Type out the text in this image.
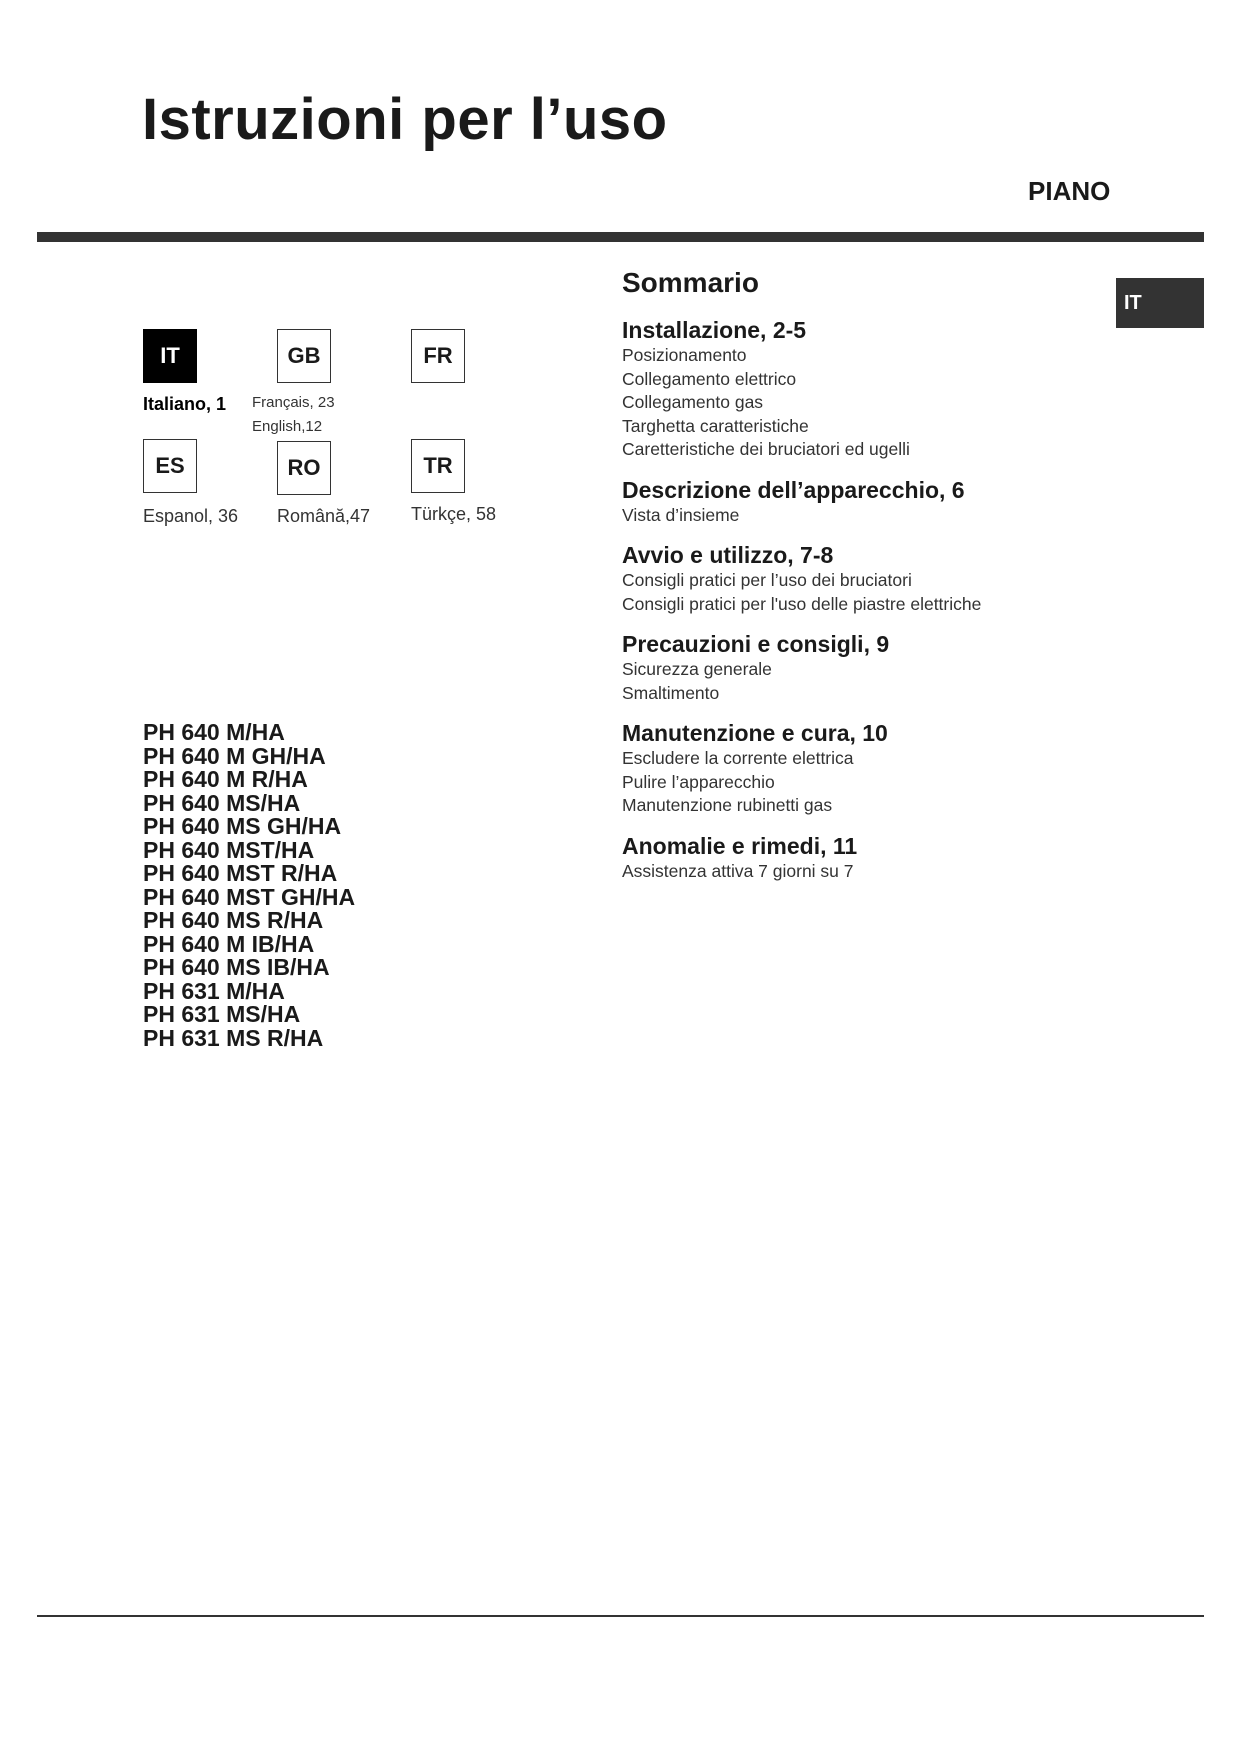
Istruzioni per l’uso
PIANO
IT	GB	FR
Italiano, 1
English,12
Français, 23
ES	RO	TR
Espanol, 36 Română,47 Türkçe, 58
PH 640 M/HA
PH 640 M GH/HA
PH 640 M R/HA
PH 640 MS/HA
PH 640 MS GH/HA
PH 640 MST/HA
PH 640 MST R/HA
PH 640 MST GH/HA
PH 640 MS R/HA
PH 640 M IB/HA
PH 640 MS IB/HA
PH 631 M/HA
PH 631 MS/HA
PH 631 MS R/HA
Sommario
Installazione, 2-5
Posizionamento
Collegamento elettrico
Collegamento gas
Targhetta caratteristiche
Caretteristiche dei bruciatori ed ugelli
Descrizione dell’apparecchio, 6
Vista d’insieme
Avvio e utilizzo, 7-8
Consigli pratici per l’uso dei bruciatori
Consigli pratici per l'uso delle piastre elettriche
Precauzioni e consigli, 9
Sicurezza generale
Smaltimento
Manutenzione e cura, 10
Escludere la corrente elettrica
Pulire l’apparecchio
Manutenzione rubinetti gas
Anomalie e rimedi, 11
Assistenza attiva 7 giorni su 7
IT
